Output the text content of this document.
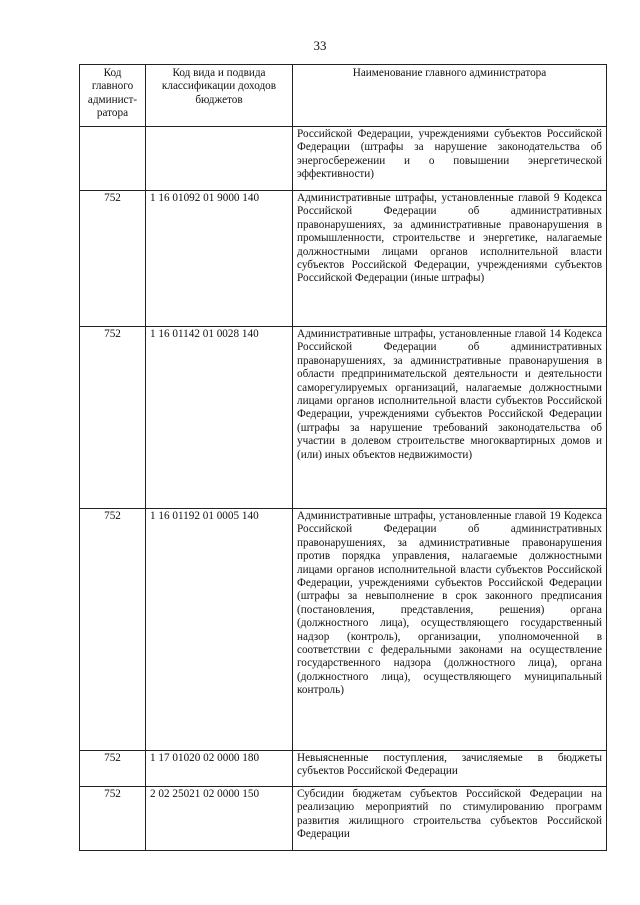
33
Код главного админист-ратора	Код вида и подвида классификации доходов бюджетов	Наименование главного администратора
		Российской Федерации, учреждениями субъектов Российской Федерации (штрафы за нарушение законодательства об энергосбережении и о повышении энергетической эффективности)
752	1 16 01092 01 9000 140	Административные штрафы, установленные главой 9 Кодекса Российской Федерации об административных правонарушениях, за административные правонарушения в промышленности, строительстве и энергетике, налагаемые должностными лицами органов исполнительной власти субъектов Российской Федерации, учреждениями субъектов Российской Федерации (иные штрафы)
752	1 16 01142 01 0028 140	Административные штрафы, установленные главой 14 Кодекса Российской Федерации об административных правонарушениях, за административные правонарушения в области предпринимательской деятельности и деятельности саморегулируемых организаций, налагаемые должностными лицами органов исполнительной власти субъектов Российской Федерации, учреждениями субъектов Российской Федерации (штрафы за нарушение требований законодательства об участии в долевом строительстве многоквартирных домов и (или) иных объектов недвижимости)
752	1 16 01192 01 0005 140	Административные штрафы, установленные главой 19 Кодекса Российской Федерации об административных правонарушениях, за административные правонарушения против порядка управления, налагаемые должностными лицами органов исполнительной власти субъектов Российской Федерации, учреждениями субъектов Российской Федерации (штрафы за невыполнение в срок законного предписания (постановления, представления, решения) органа (должностного лица), осуществляющего государственный надзор (контроль), организации, уполномоченной в соответствии с федеральными законами на осуществление государственного надзора (должностного лица), органа (должностного лица), осуществляющего муниципальный контроль)
752	1 17 01020 02 0000 180	Невыясненные поступления, зачисляемые в бюджеты субъектов Российской Федерации
752	2 02 25021 02 0000 150	Субсидии бюджетам субъектов Российской Федерации на реализацию мероприятий по стимулированию программ развития жилищного строительства субъектов Российской Федерации
